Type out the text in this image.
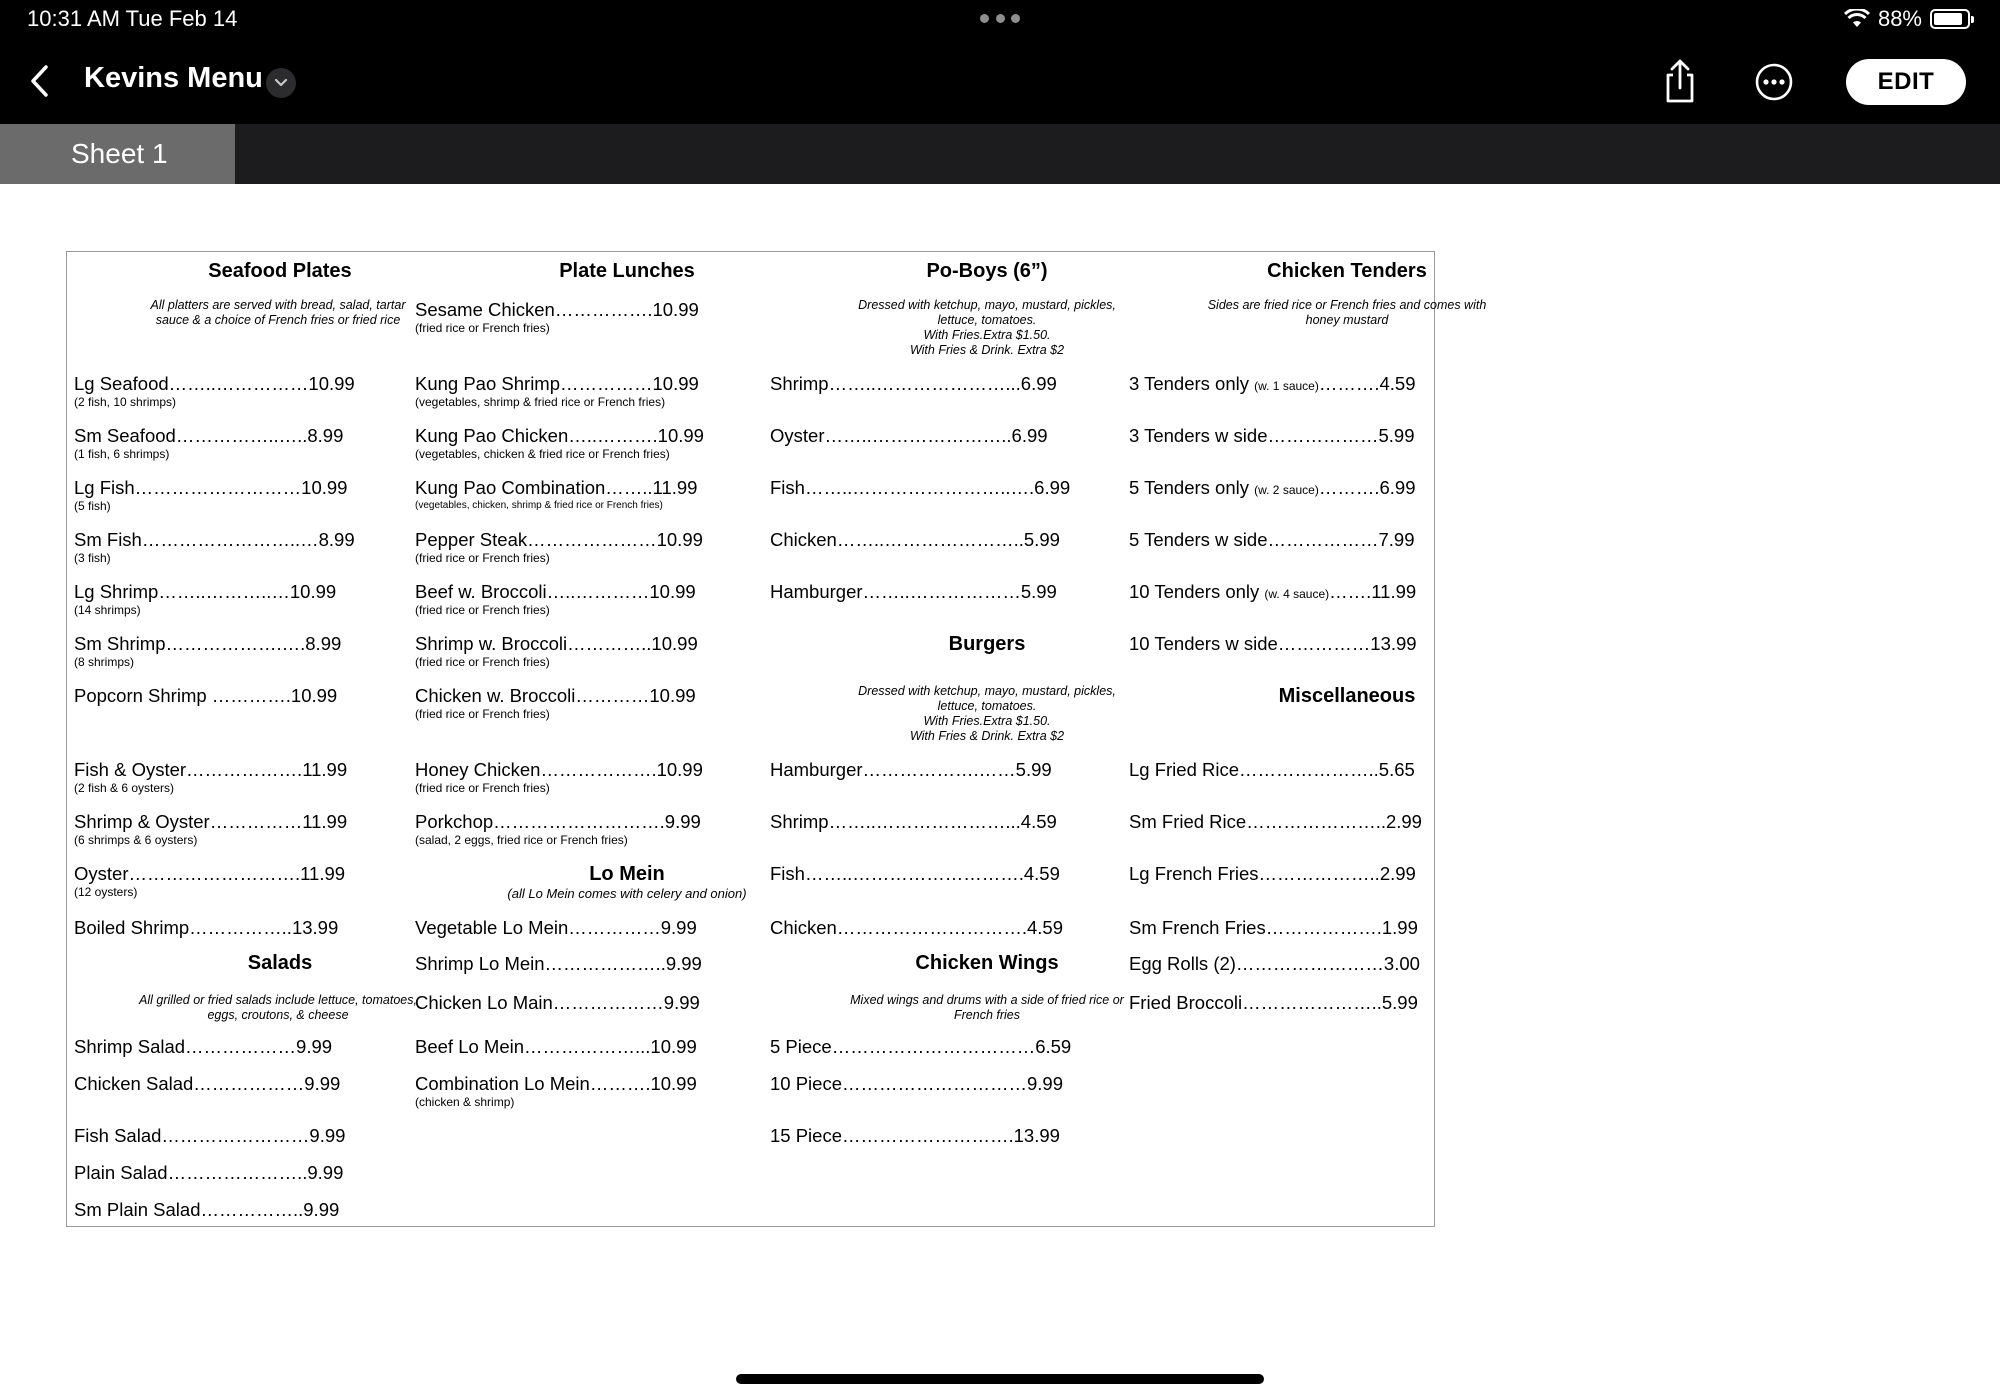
10:31 AM Tue Feb 14	88%
Kevins Menu	EDIT
Sheet 1
Seafood Plates
All platters are served with bread, salad, tartar sauce & a choice of French fries or fried rice
Lg Seafood……..……………10.99
(2 fish, 10 shrimps)
Sm Seafood……………..…..8.99
(1 fish, 6 shrimps)
Lg Fish………………………10.99
(5 fish)
Sm Fish……………………..…8.99
(3 fish)
Lg Shrimp……..………..…10.99
(14 shrimps)
Sm Shrimp……………….….8.99
(8 shrimps)
Popcorn Shrimp ………….10.99
Fish & Oyster……………….11.99
(2 fish & 6 oysters)
Shrimp & Oyster……………11.99
(6 shrimps & 6 oysters)
Oyster……………………….11.99
(12 oysters)
Boiled Shrimp……………..13.99
Salads
All grilled or fried salads include lettuce, tomatoes, eggs, croutons, & cheese
Shrimp Salad………………9.99
Chicken Salad………………9.99
Fish Salad……………………9.99
Plain Salad…………………..9.99
Sm Plain Salad……………..9.99
Plate Lunches
Sesame Chicken…………….10.99
(fried rice or French fries)
Kung Pao Shrimp……………10.99
(vegetables, shrimp & fried rice or French fries)
Kung Pao Chicken…..……….10.99
(vegetables, chicken & fried rice or French fries)
Kung Pao Combination……..11.99
(vegetables, chicken, shrimp & fried rice or French fries)
Pepper Steak…………………10.99
(fried rice or French fries)
Beef w. Broccoli…..…………10.99
(fried rice or French fries)
Shrimp w. Broccoli…………..10.99
(fried rice or French fries)
Chicken w. Broccoli…………10.99
(fried rice or French fries)
Honey Chicken……………….10.99
(fried rice or French fries)
Porkchop……………………….9.99
(salad, 2 eggs, fried rice or French fries)
Lo Mein
(all Lo Mein comes with celery and onion)
Vegetable Lo Mein……………9.99
Shrimp Lo Mein………………..9.99
Chicken Lo Main………………9.99
Beef Lo Mein………………...10.99
Combination Lo Mein……….10.99
(chicken & shrimp)
Po-Boys (6”)
Dressed with ketchup, mayo, mustard, pickles,
lettuce, tomatoes.
With Fries.Extra $1.50.
With Fries & Drink. Extra $2
Shrimp……..…………………...6.99
Oyster……..…………………..6.99
Fish……..……………………..….6.99
Chicken……..…………………..5.99
Hamburger……..………………5.99
Burgers
Dressed with ketchup, mayo, mustard, pickles,
lettuce, tomatoes.
With Fries.Extra $1.50.
With Fries & Drink. Extra $2
Hamburger……………….……5.99
Shrimp……..…………………...4.59
Fish……..……………………….4.59
Chicken………………………….4.59
Chicken Wings
Mixed wings and drums with a side of fried rice or French fries
5 Piece……………………………6.59
10 Piece…………………………9.99
15 Piece……………………….13.99
Chicken Tenders
Sides are fried rice or French fries and comes with honey mustard
3 Tenders only (w. 1 sauce)……….4.59
3 Tenders w side………………5.99
5 Tenders only (w. 2 sauce)……….6.99
5 Tenders w side………………7.99
10 Tenders only (w. 4 sauce)…….11.99
10 Tenders w side……………13.99
Miscellaneous
Lg Fried Rice…………………..5.65
Sm Fried Rice…………………..2.99
Lg French Fries………………..2.99
Sm French Fries……………….1.99
Egg Rolls (2)……………………3.00
Fried Broccoli…………………..5.99
